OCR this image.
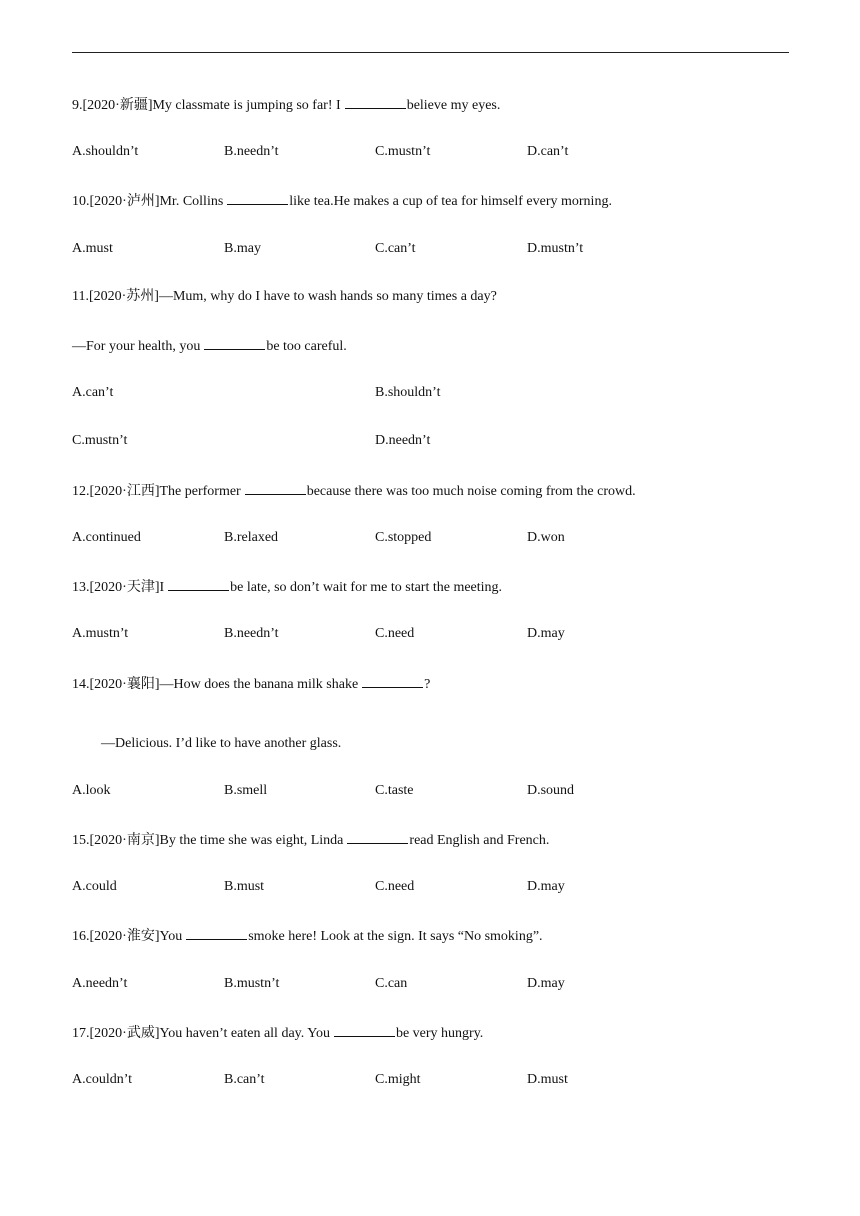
9.[2020·新疆]My classmate is jumping so far! I	believe my eyes.
A.shouldn’t	B.needn’t	C.mustn’t	D.can’t
10.[2020·泸州]Mr. Collins	like tea.He makes a cup of tea for himself every morning.
A.must	B.may	C.can’t	D.mustn’t
11.[2020·苏州]—Mum, why do I have to wash hands so many times a day?
—For your health, you	be too careful.
A.can’t	B.shouldn’t
C.mustn’t	D.needn’t
12.[2020·江西]The performer	because there was too much noise coming from the crowd.
A.continued	B.relaxed	C.stopped	D.won
13.[2020·天津]I	be late, so don’t wait for me to start the meeting.
A.mustn’t	B.needn’t	C.need	D.may
14.[2020·襄阳]—How does the banana milk shake	?
—Delicious. I’d like to have another glass.
A.look	B.smell	C.taste	D.sound
15.[2020·南京]By the time she was eight, Linda	read English and French.
A.could	B.must	C.need	D.may
16.[2020·淮安]You	smoke here! Look at the sign. It says “No smoking”.
A.needn’t	B.mustn’t	C.can	D.may
17.[2020·武威]You haven’t eaten all day. You	be very hungry.
A.couldn’t	B.can’t	C.might	D.must
